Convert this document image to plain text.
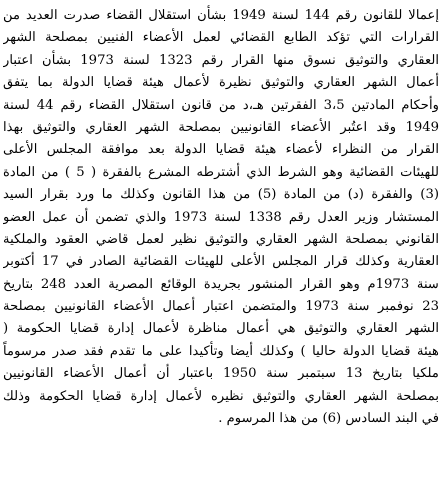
إعمالا للقانون رقم 144 لسنة 1949 بشأن استقلال القضاء صدرت العديد من
القرارات التي تؤكد الطابع القضائي لعمل الأعضاء الفنيين بمصلحة الشهر
العقاري والتوثيق نسوق منها القرار رقم 1323 لسنة 1973 بشأن اعتبار
أعمال الشهر العقاري والتوثيق نظيرة لأعمال هيئة قضايا الدولة بما يتفق
وأحكام المادتين 3،5 الفقرتين هـ،د من قانون استقلال القضاء رقم 44 لسنة
1949 وقد اعتُبر الأعضاء القانونيين بمصلحة الشهر العقاري والتوثيق بهذا
القرار من النظراء لأعضاء هيئة قضايا الدولة بعد موافقة المجلس الأعلى
للهيئات القضائية وهو الشرط الذي أشترطه المشرع بالفقرة ( 5 ) من المادة
(3) والفقرة (د) من المادة (5) من هذا القانون وكذلك ما ورد بقرار السيد
المستشار وزير العدل رقم 1338 لسنة 1973 والذي تضمن أن عمل العضو
القانوني بمصلحة الشهر العقاري والتوثيق نظير لعمل قاضي العقود والملكية
العقارية وكذلك قرار المجلس الأعلى للهيئات القضائية الصادر في 17 أكتوبر
سنة 1973م وهو القرار المنشور بجريدة الوقائع المصرية العدد 248 بتاريخ
23 نوفمبر سنة 1973 والمتضمن اعتبار أعمال الأعضاء القانونيين بمصلحة
الشهر العقاري والتوثيق هي أعمال مناظرة لأعمال إدارة قضايا الحكومة (
هيئة قضايا الدولة حاليا ) وكذلك أيضا وتأكيدا على ما تقدم فقد صدر مرسوماً
ملكيا بتاريخ 13 سبتمبر سنة 1950 باعتبار أن أعمال الأعضاء القانونيين
بمصلحة الشهر العقاري والتوثيق نظيره لأعمال إدارة قضايا الحكومة وذلك
في البند السادس (6) من هذا المرسوم .
